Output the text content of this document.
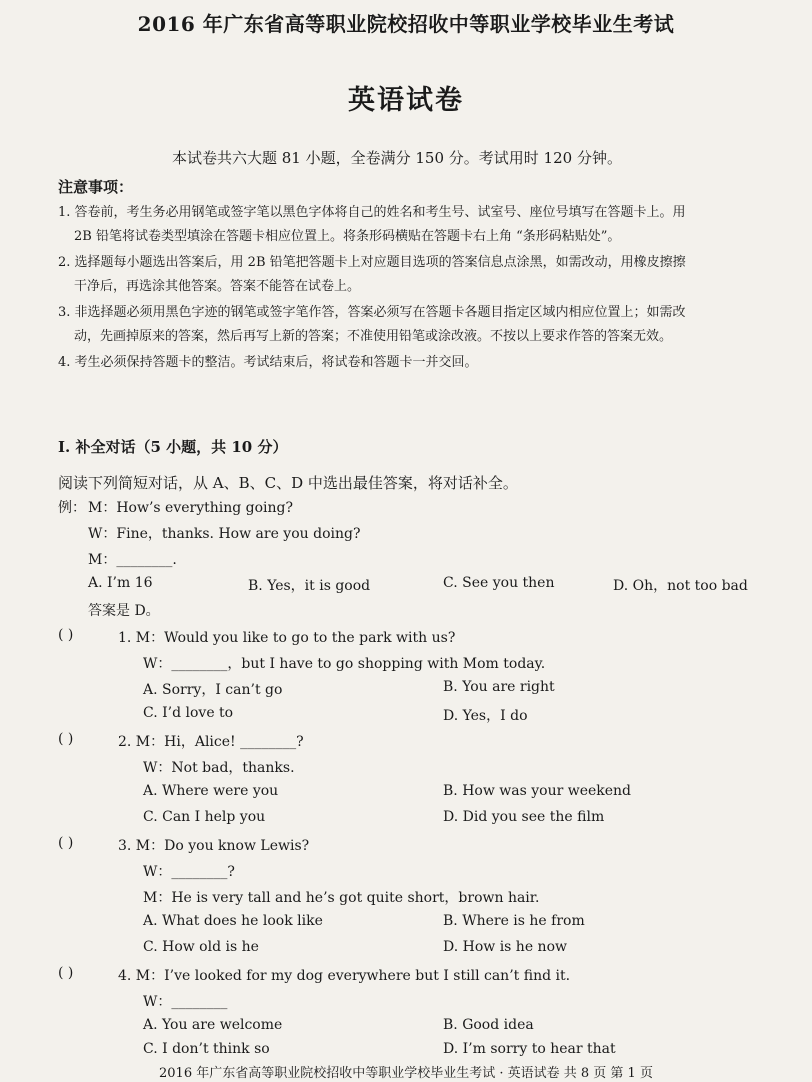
2016 年广东省高等职业院校招收中等职业学校毕业生考试
英语试卷
本试卷共六大题 81 小题，全卷满分 150 分。考试用时 120 分钟。
注意事项：
1. 答卷前，考生务必用钢笔或签字笔以黑色字体将自己的姓名和考生号、试室号、座位号填写在答题卡上。用
2B 铅笔将试卷类型填涂在答题卡相应位置上。将条形码横贴在答题卡右上角 “条形码粘贴处”。
2. 选择题每小题选出答案后，用 2B 铅笔把答题卡上对应题目选项的答案信息点涂黑，如需改动，用橡皮擦擦
干净后，再选涂其他答案。答案不能答在试卷上。
3. 非选择题必须用黑色字迹的钢笔或签字笔作答，答案必须写在答题卡各题目指定区域内相应位置上；如需改
动，先画掉原来的答案，然后再写上新的答案；不准使用铅笔或涂改液。不按以上要求作答的答案无效。
4. 考生必须保持答题卡的整洁。考试结束后，将试卷和答题卡一并交回。
Ⅰ. 补全对话（5 小题，共 10 分）
阅读下列简短对话，从 A、B、C、D 中选出最佳答案，将对话补全。
例： M：How’s everything going?
W：Fine，thanks. How are you doing?
M：________.
A. I’m 16	B. Yes，it is good	C. See you then	D. Oh，not too bad
答案是 D。
( )	1. M：Would you like to go to the park with us?
W：________，but I have to go shopping with Mom today.
A. Sorry，I can’t go	B. You are right
C. I’d love to	D. Yes，I do
( )	2. M：Hi，Alice! ________?
W：Not bad，thanks.
A. Where were you	B. How was your weekend
C. Can I help you	D. Did you see the film
( )	3. M：Do you know Lewis?
W：________?
M：He is very tall and he’s got quite short，brown hair.
A. What does he look like	B. Where is he from
C. How old is he	D. How is he now
( )	4. M：I’ve looked for my dog everywhere but I still can’t find it.
W：________
A. You are welcome	B. Good idea
C. I don’t think so	D. I’m sorry to hear that
2016 年广东省高等职业院校招收中等职业学校毕业生考试 · 英语试卷 共 8 页 第 1 页
